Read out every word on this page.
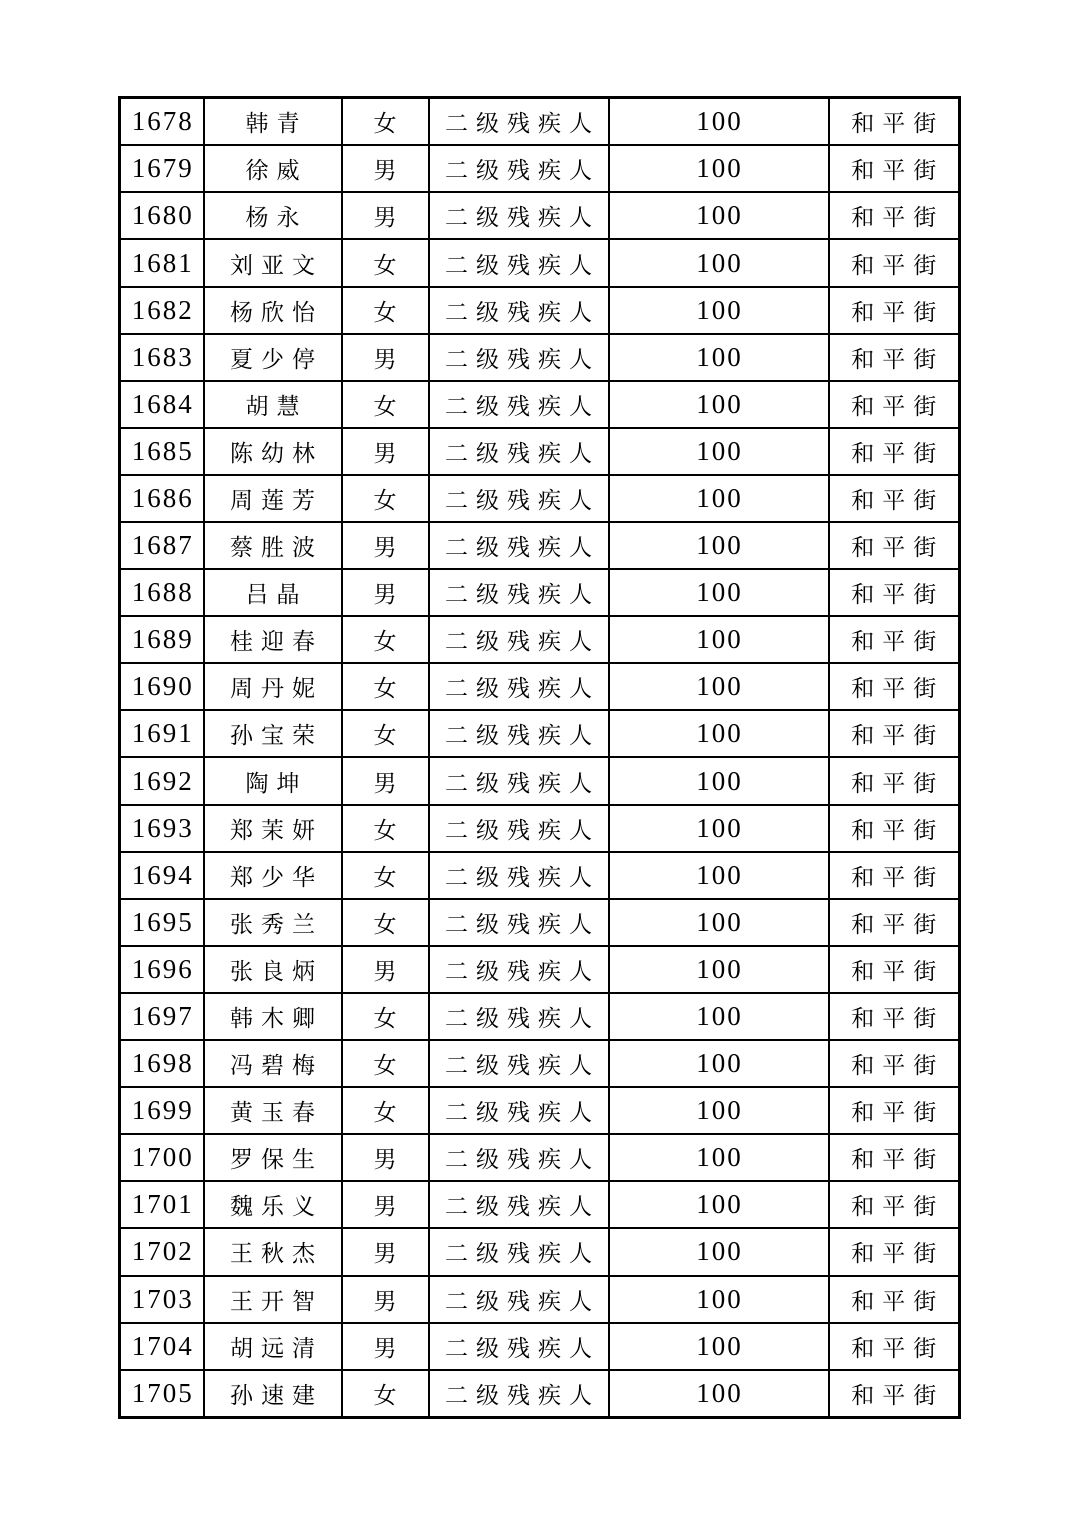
1678	韩青	女	二级残疾人	100	和平街
1679	徐威	男	二级残疾人	100	和平街
1680	杨永	男	二级残疾人	100	和平街
1681	刘亚文	女	二级残疾人	100	和平街
1682	杨欣怡	女	二级残疾人	100	和平街
1683	夏少停	男	二级残疾人	100	和平街
1684	胡慧	女	二级残疾人	100	和平街
1685	陈幼林	男	二级残疾人	100	和平街
1686	周莲芳	女	二级残疾人	100	和平街
1687	蔡胜波	男	二级残疾人	100	和平街
1688	吕晶	男	二级残疾人	100	和平街
1689	桂迎春	女	二级残疾人	100	和平街
1690	周丹妮	女	二级残疾人	100	和平街
1691	孙宝荣	女	二级残疾人	100	和平街
1692	陶坤	男	二级残疾人	100	和平街
1693	郑茉妍	女	二级残疾人	100	和平街
1694	郑少华	女	二级残疾人	100	和平街
1695	张秀兰	女	二级残疾人	100	和平街
1696	张良炳	男	二级残疾人	100	和平街
1697	韩木卿	女	二级残疾人	100	和平街
1698	冯碧梅	女	二级残疾人	100	和平街
1699	黄玉春	女	二级残疾人	100	和平街
1700	罗保生	男	二级残疾人	100	和平街
1701	魏乐义	男	二级残疾人	100	和平街
1702	王秋杰	男	二级残疾人	100	和平街
1703	王开智	男	二级残疾人	100	和平街
1704	胡远清	男	二级残疾人	100	和平街
1705	孙速建	女	二级残疾人	100	和平街
